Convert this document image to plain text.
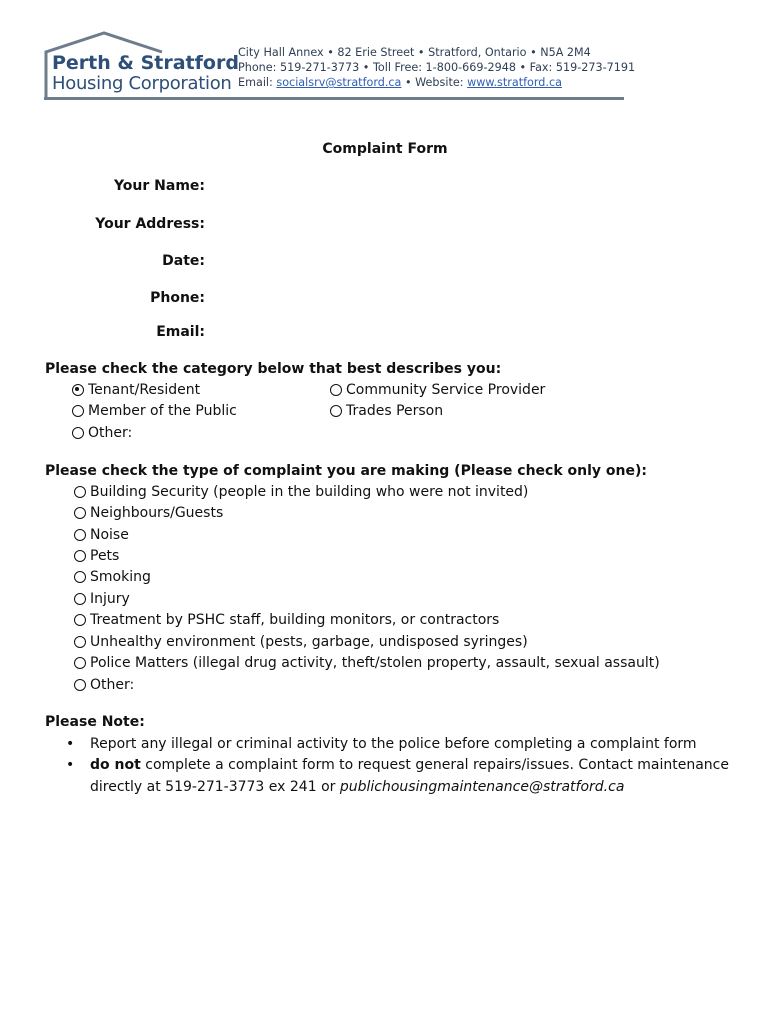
Perth & Stratford
Housing Corporation
City Hall Annex • 82 Erie Street • Stratford, Ontario • N5A 2M4
Phone: 519-271-3773 • Toll Free: 1-800-669-2948 • Fax: 519-273-7191
Email: socialsrv@stratford.ca • Website: www.stratford.ca
Complaint Form
Your Name:
Your Address:
Date:
Phone:
Email:
Please check the category below that best describes you:
Tenant/Resident	Community Service Provider
Member of the Public	Trades Person
Other:
Please check the type of complaint you are making (Please check only one):
Building Security (people in the building who were not invited)
Neighbours/Guests
Noise
Pets
Smoking
Injury
Treatment by PSHC staff, building monitors, or contractors
Unhealthy environment (pests, garbage, undisposed syringes)
Police Matters (illegal drug activity, theft/stolen property, assault, sexual assault)
Other:
Please Note:
• Report any illegal or criminal activity to the police before completing a complaint form
• do not complete a complaint form to request general repairs/issues. Contact maintenance
directly at 519-271-3773 ex 241 or publichousingmaintenance@stratford.ca
